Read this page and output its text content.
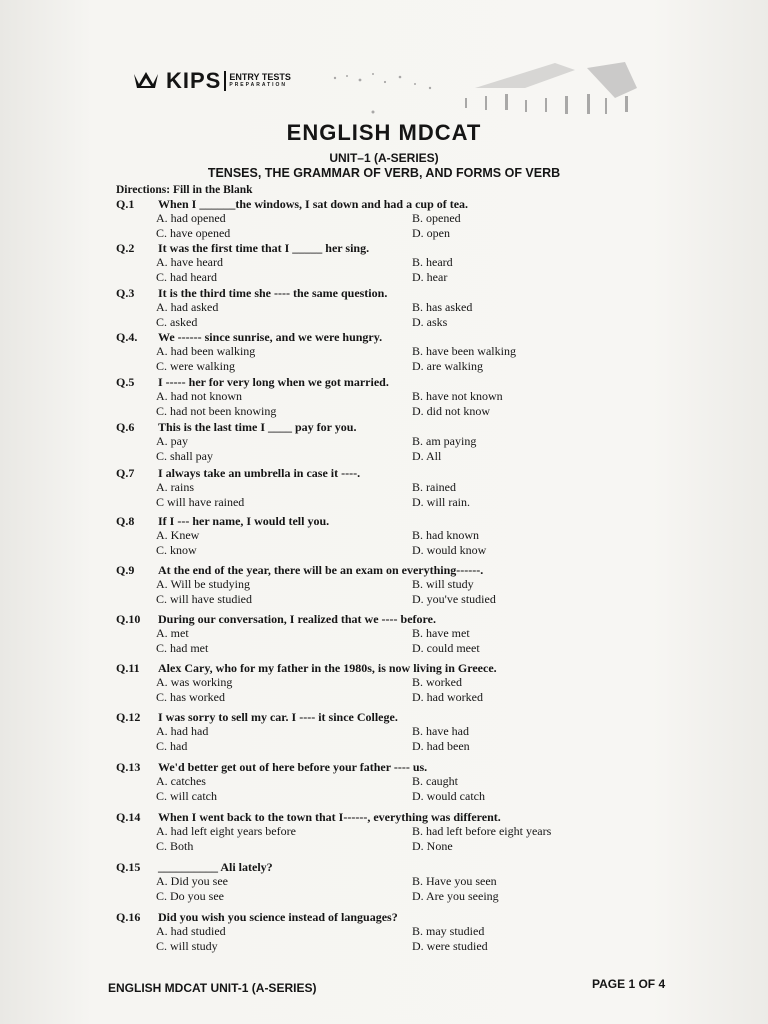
KIPS ENTRY TESTS
PREPARATION
ENGLISH MDCAT
UNIT–1 (A-SERIES)
TENSES, THE GRAMMAR OF VERB, AND FORMS OF VERB
Directions: Fill in the Blank
Q.1 When I ______the windows, I sat down and had a cup of tea.
A. had opened	B. opened
C. have opened	D. open
Q.2 It was the first time that I _____ her sing.
A. have heard	B. heard
C. had heard	D. hear
Q.3 It is the third time she ---- the same question.
A. had asked	B. has asked
C. asked	D. asks
Q.4. We ------ since sunrise, and we were hungry.
A. had been walking	B. have been walking
C. were walking	D. are walking
Q.5 I ----- her for very long when we got married.
A. had not known	B. have not known
C. had not been knowing	D. did not know
Q.6 This is the last time I ____ pay for you.
A. pay	B. am paying
C. shall pay	D. All
Q.7 I always take an umbrella in case it ----.
A. rains	B. rained
C will have rained	D. will rain.
Q.8 If I --- her name, I would tell you.
A. Knew	B. had known
C. know	D. would know
Q.9 At the end of the year, there will be an exam on everything------.
A. Will be studying	B. will study
C. will have studied	D. you've studied
Q.10 During our conversation, I realized that we ---- before.
A. met	B. have met
C. had met	D. could meet
Q.11 Alex Cary, who for my father in the 1980s, is now living in Greece.
A. was working	B. worked
C. has worked	D. had worked
Q.12 I was sorry to sell my car. I ---- it since College.
A. had had	B. have had
C. had	D. had been
Q.13 We'd better get out of here before your father ---- us.
A. catches	B. caught
C. will catch	D. would catch
Q.14 When I went back to the town that I------, everything was different.
A. had left eight years before	B. had left before eight years
C. Both	D. None
Q.15 __________ Ali lately?
A. Did you see	B. Have you seen
C. Do you see	D. Are you seeing
Q.16 Did you wish you science instead of languages?
A. had studied	B. may studied
C. will study	D. were studied
ENGLISH MDCAT UNIT-1 (A-SERIES)	PAGE 1 OF 4
